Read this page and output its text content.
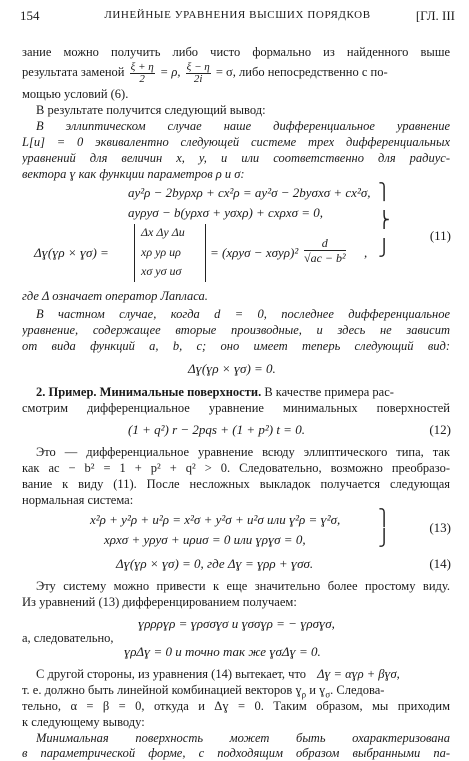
154	ЛИНЕЙНЫЕ УРАВНЕНИЯ ВЫСШИХ ПОРЯДКОВ	[ГЛ. III
зание можно получить либо чисто формально из найденного выше
результата заменой $\frac{\xi + \eta}{2} = \rho$, $\frac{\xi - \eta}{2i} = \sigma$, либо непосредственно с по-
мощью условий (6).
В результате получится следующий вывод:
В эллиптическом случае наше дифференциальное уравнение
L[u] = 0 эквивалентно следующей системе трех дифференциальных
уравнений для величин x, y, u или соответственно для радиус-
вектора ɣ как функции параметров ρ и σ:
ay²ρ − 2byρxρ + cx²ρ = ay²σ − 2byσxσ + cx²σ,
ayρyσ − b(yρxσ + yσxρ) + cxρxσ = 0,
Δɣ(ɣρ × ɣσ) =
Δx Δy Δu
xρ yρ uρ
xσ yσ uσ
= $(x\rho y\sigma - x\sigma y\rho)^2 \frac{d}{\text{√ac − b²}}$ ,
⎫
⎬
⎭
(11)
где Δ означает оператор Лапласа.
В частном случае, когда d = 0, последнее дифференциальное
уравнение, содержащее вторые производные, и здесь не зависит
от вида функций a, b, c; оно имеет теперь следующий вид:
Δɣ(ɣρ × ɣσ) = 0.
2. Пример. Минимальные поверхности. В качестве примера рас-
смотрим дифференциальное уравнение минимальных поверхностей
(1 + q²) r − 2pqs + (1 + p²) t = 0.	(12)
Это — дифференциальное уравнение всюду эллиптического типа, так
как ac − b² = 1 + p² + q² > 0. Следовательно, возможно преобразо-
вание к виду (11). После несложных выкладок получается следующая
нормальная система:
x²ρ + y²ρ + u²ρ = x²σ + y²σ + u²σ или ɣ²ρ = ɣ²σ,
xρxσ + yρyσ + uρuσ = 0 или ɣρɣσ = 0,
⎫
⎭
(13)
Δɣ(ɣρ × ɣσ) = 0, где Δɣ = ɣρρ + ɣσσ.	(14)
Эту систему можно привести к еще значительно более простому виду.
Из уравнений (13) дифференцированием получаем:
ɣρρρɣρ = ɣρσσɣσ и ɣσσɣρ = − ɣρσɣσ,
а, следовательно,
ɣρΔɣ = 0 и точно так же ɣσΔɣ = 0.
С другой стороны, из уравнения (14) вытекает, что Δɣ = αɣρ + βɣσ,
т. е. должно быть линейной комбинацией векторов ɣ$_\rho$ и ɣ$_\sigma$. Следова-
тельно, α = β = 0, откуда и Δɣ = 0. Таким образом, мы приходим
к следующему выводу:
Минимальная поверхность может быть охарактеризована
в параметрической форме, с подходящим образом выбранными па-
